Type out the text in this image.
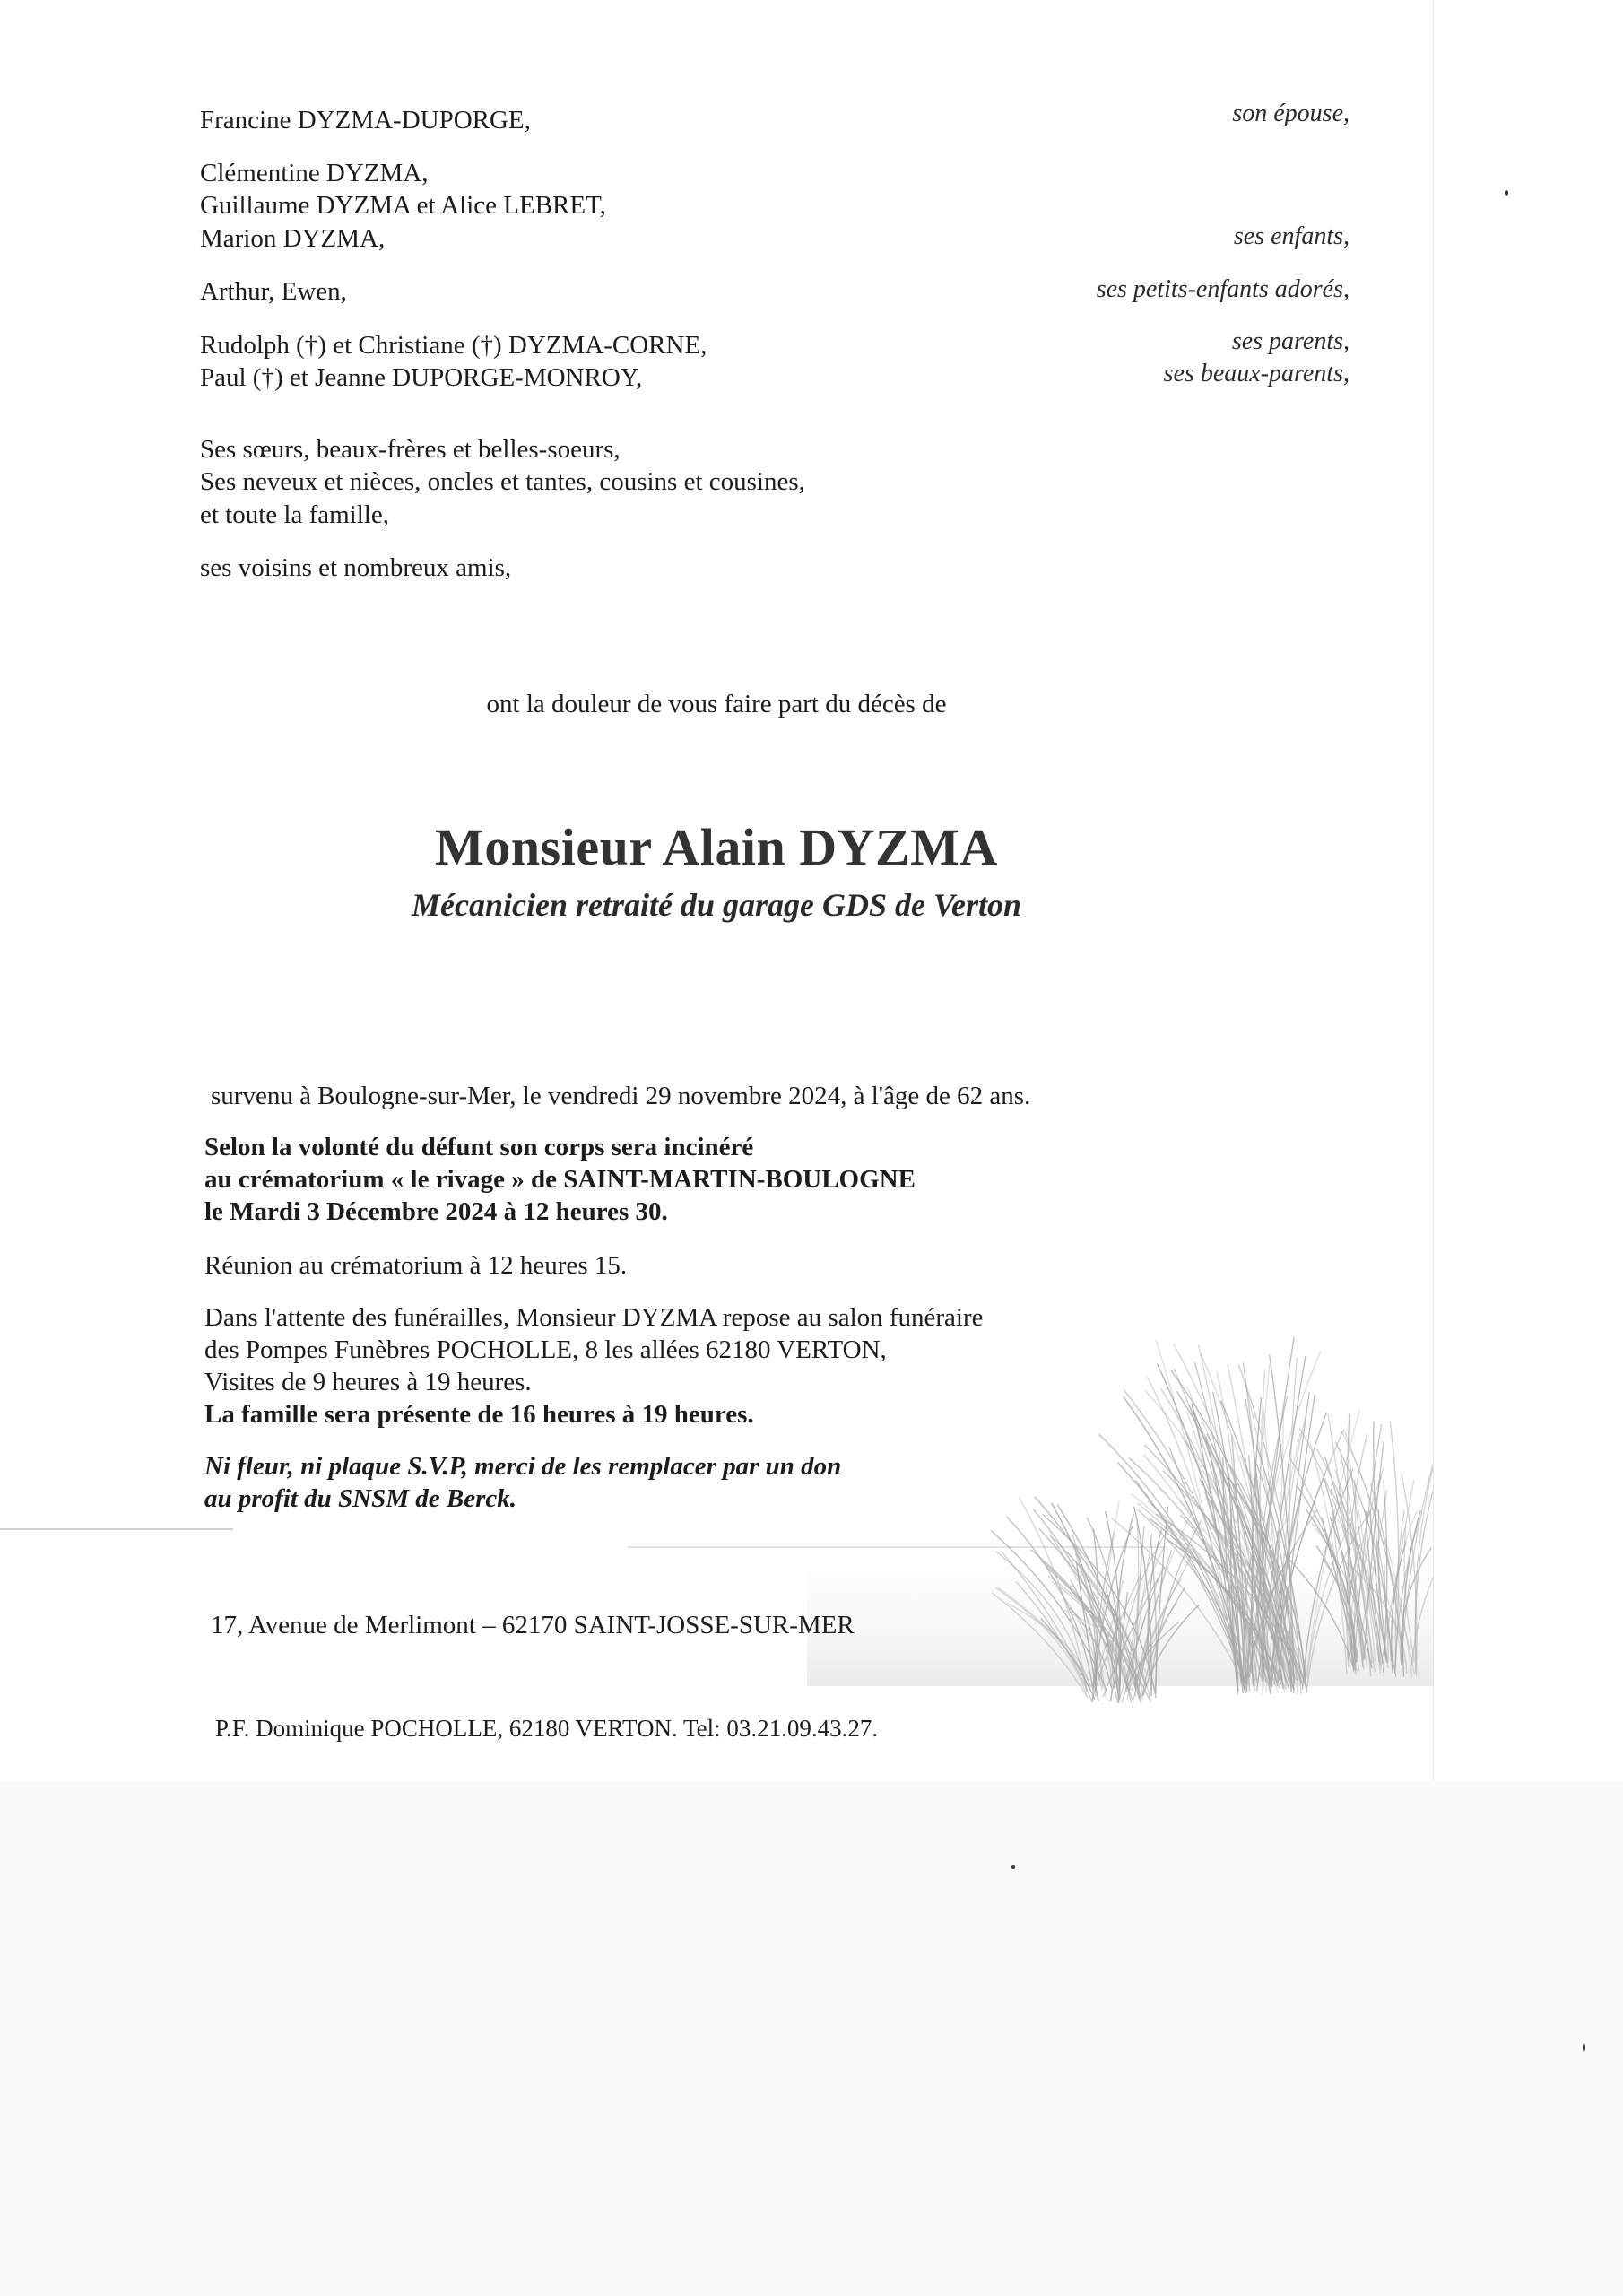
Francine DYZMA-DUPORGE,
Clémentine DYZMA,
Guillaume DYZMA et Alice LEBRET,
Marion DYZMA,
Arthur, Ewen,
Rudolph (†) et Christiane (†) DYZMA-CORNE,
Paul (†) et Jeanne DUPORGE-MONROY,
Ses sœurs, beaux-frères et belles-soeurs,
Ses neveux et nièces, oncles et tantes, cousins et cousines,
et toute la famille,
ses voisins et nombreux amis,
son épouse,
ses enfants,
ses petits-enfants adorés,
ses parents,
ses beaux-parents,
ont la douleur de vous faire part du décès de
Monsieur Alain DYZMA
Mécanicien retraité du garage GDS de Verton
survenu à Boulogne-sur-Mer, le vendredi 29 novembre 2024, à l'âge de 62 ans.
Selon la volonté du défunt son corps sera incinéré
au crématorium « le rivage » de SAINT-MARTIN-BOULOGNE
le Mardi 3 Décembre 2024 à 12 heures 30.
Réunion au crématorium à 12 heures 15.
Dans l'attente des funérailles, Monsieur DYZMA repose au salon funéraire
des Pompes Funèbres POCHOLLE, 8 les allées 62180 VERTON,
Visites de 9 heures à 19 heures.
La famille sera présente de 16 heures à 19 heures.
Ni fleur, ni plaque S.V.P, merci de les remplacer par un don
au profit du SNSM de Berck.
17, Avenue de Merlimont – 62170 SAINT-JOSSE-SUR-MER
P.F. Dominique POCHOLLE, 62180 VERTON. Tel: 03.21.09.43.27.
